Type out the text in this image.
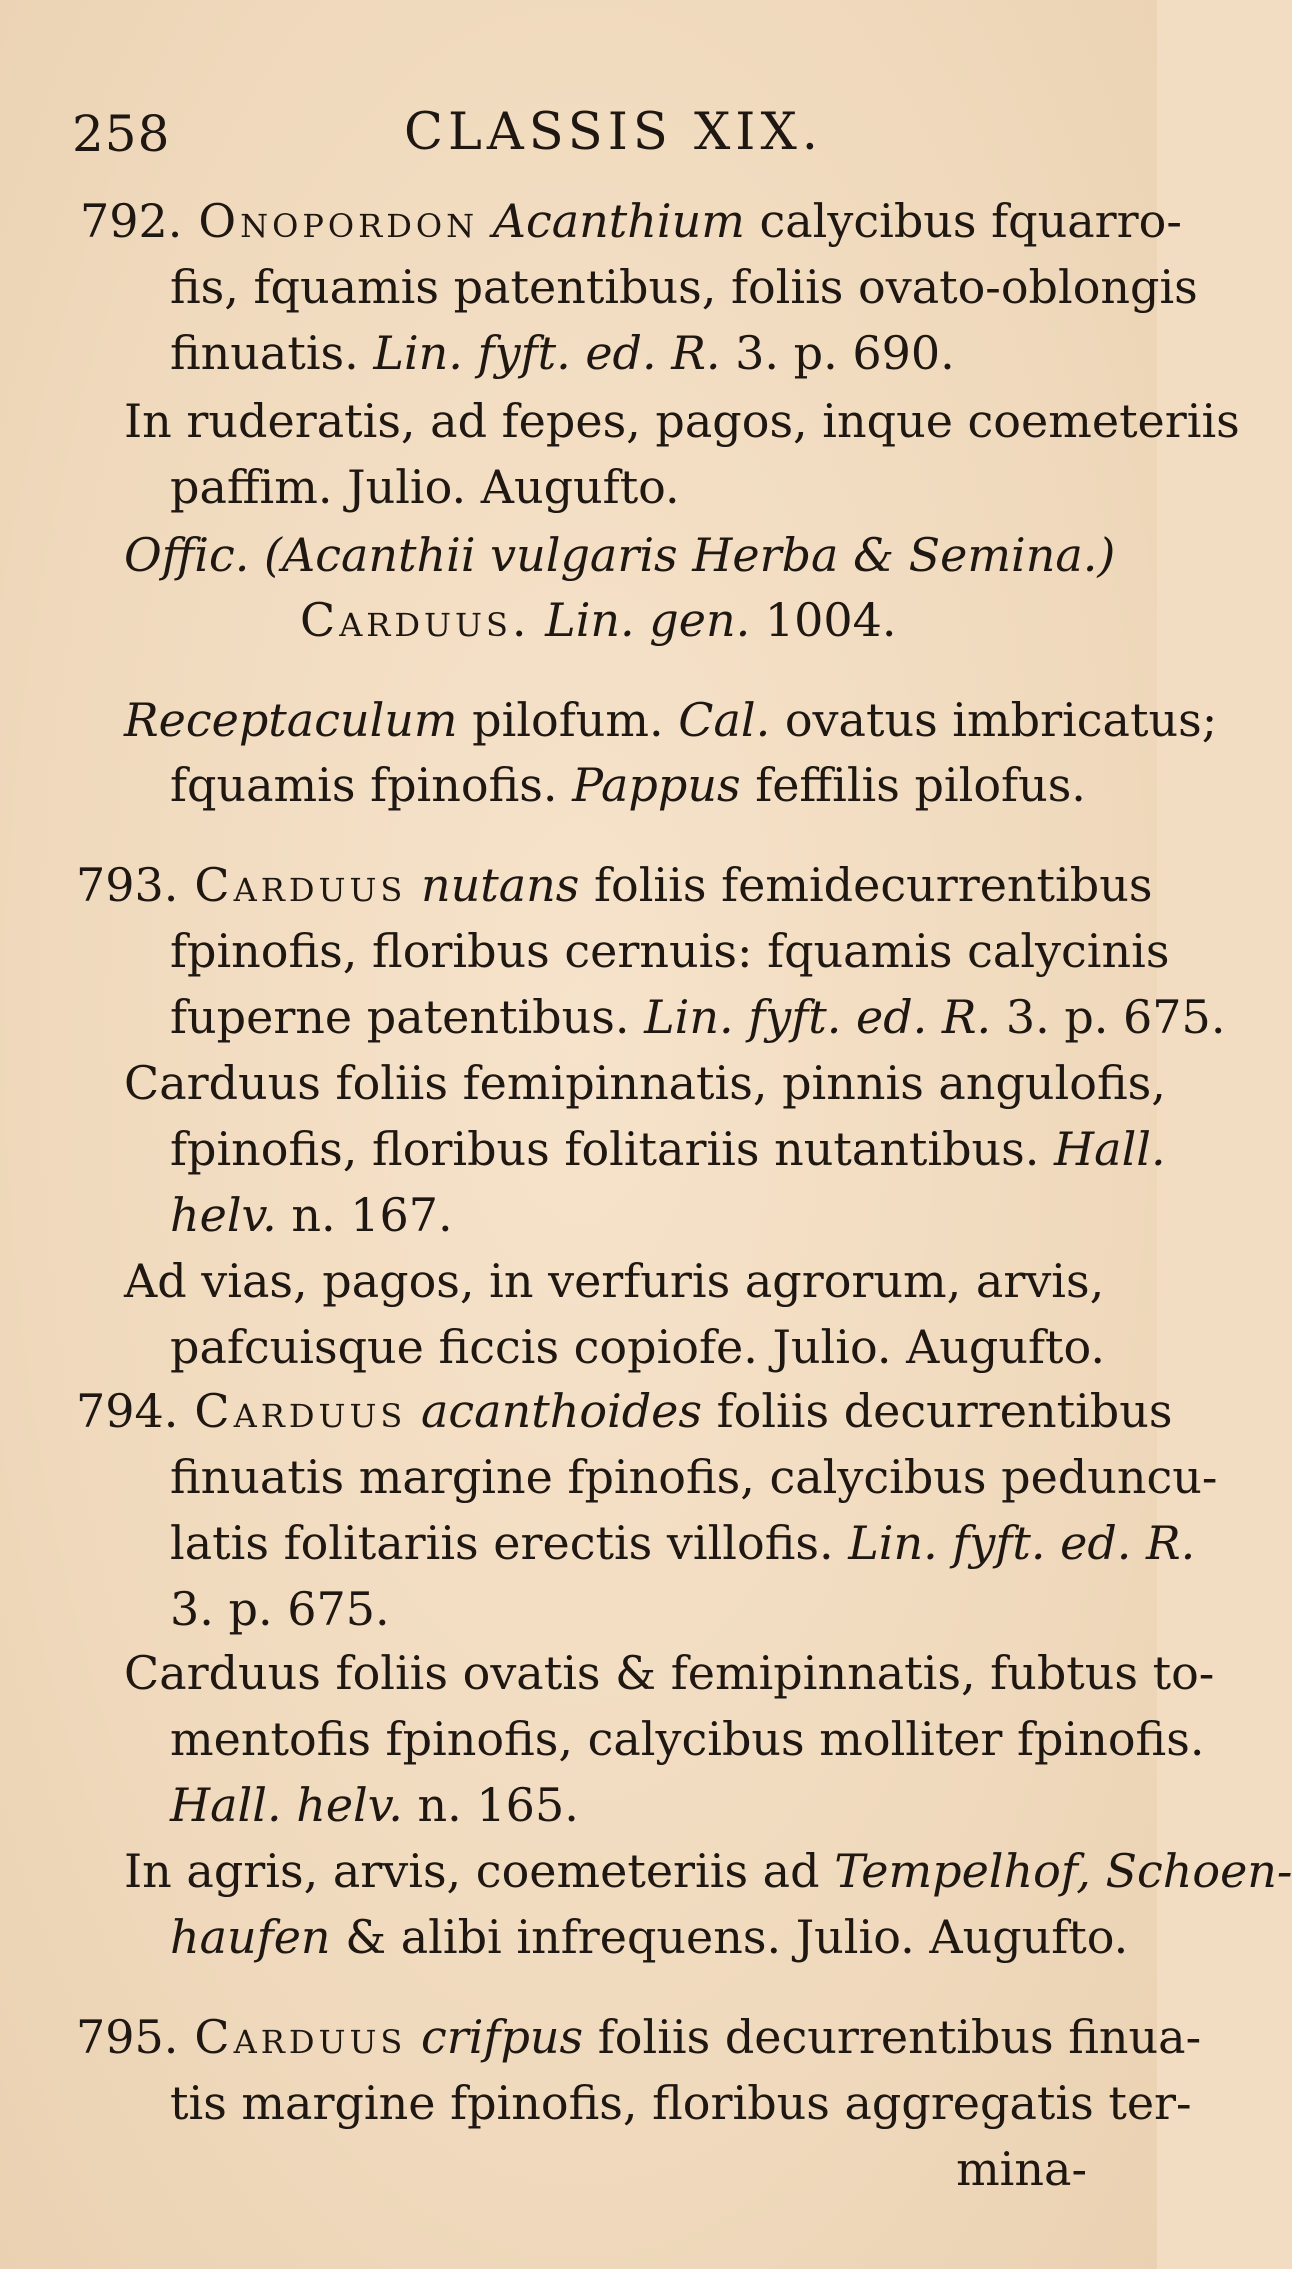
258	CLASSIS XIX.
792. Onopordon Acanthium calycibus fquarro-
fis, fquamis patentibus, foliis ovato-oblongis
finuatis. Lin. fyft. ed. R. 3. p. 690.
In ruderatis, ad fepes, pagos, inque coemeteriis
paffim. Julio. Augufto.
Offic. (Acanthii vulgaris Herba & Semina.)
Carduus. Lin. gen. 1004.
Receptaculum pilofum. Cal. ovatus imbricatus;
fquamis fpinofis. Pappus feffilis pilofus.
793. Carduus nutans foliis femidecurrentibus
fpinofis, floribus cernuis: fquamis calycinis
fuperne patentibus. Lin. fyft. ed. R. 3. p. 675.
Carduus foliis femipinnatis, pinnis angulofis,
fpinofis, floribus folitariis nutantibus. Hall.
helv. n. 167.
Ad vias, pagos, in verfuris agrorum, arvis,
pafcuisque ficcis copiofe. Julio. Augufto.
794. Carduus acanthoides foliis decurrentibus
finuatis margine fpinofis, calycibus peduncu-
latis folitariis erectis villofis. Lin. fyft. ed. R.
3. p. 675.
Carduus foliis ovatis & femipinnatis, fubtus to-
mentofis fpinofis, calycibus molliter fpinofis.
Hall. helv. n. 165.
In agris, arvis, coemeteriis ad Tempelhof, Schoen-
haufen & alibi infrequens. Julio. Augufto.
795. Carduus crifpus foliis decurrentibus finua-
tis margine fpinofis, floribus aggregatis ter-
mina-
